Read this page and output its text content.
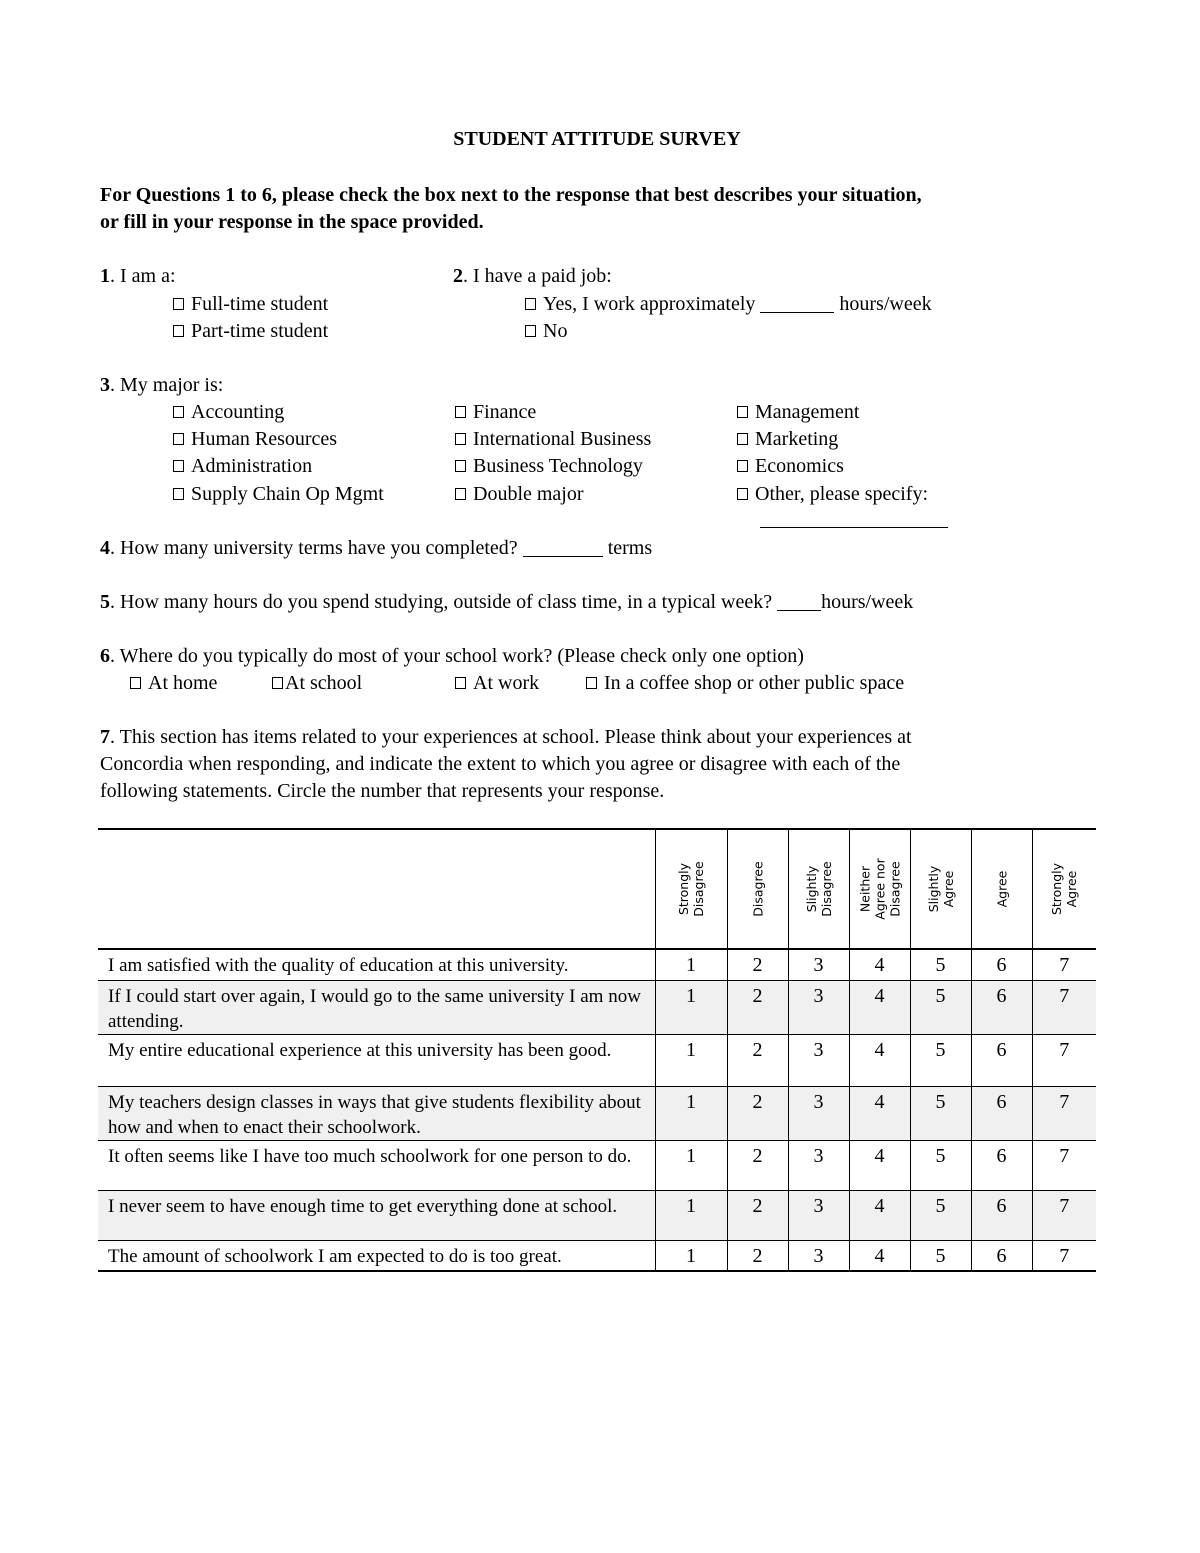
STUDENT ATTITUDE SURVEY
For Questions 1 to 6, please check the box next to the response that best describes your situation,
or fill in your response in the space provided.
1. I am a:
Full-time student
Part-time student
2. I have a paid job:
Yes, I work approximately	hours/week
No
3. My major is:
Accounting	Finance	Management
Human Resources	International Business	Marketing
Administration	Business Technology	Economics
Supply Chain Op Mgmt	Double major	Other, please specify:
4. How many university terms have you completed?	terms
5. How many hours do you spend studying, outside of class time, in a typical week? hours/week
6. Where do you typically do most of your school work? (Please check only one option)
At home	At school	At work	In a coffee shop or other public space
7. This section has items related to your experiences at school. Please think about your experiences at
Concordia when responding, and indicate the extent to which you agree or disagree with each of the
following statements. Circle the number that represents your response.

	Strongly Disagree	Disagree	Slightly Disagree	Neither Agree nor Disagree	Slightly Agree	Agree	Strongly Agree

I am satisfied with the quality of education at this university.	1	2	3	4	5	6	7
If I could start over again, I would go to the same university I am now attending.	1	2	3	4	5	6	7
My entire educational experience at this university has been good.	1	2	3	4	5	6	7
My teachers design classes in ways that give students flexibility about how and when to enact their schoolwork.	1	2	3	4	5	6	7
It often seems like I have too much schoolwork for one person to do.	1	2	3	4	5	6	7
I never seem to have enough time to get everything done at school.	1	2	3	4	5	6	7
The amount of schoolwork I am expected to do is too great.	1	2	3	4	5	6	7
